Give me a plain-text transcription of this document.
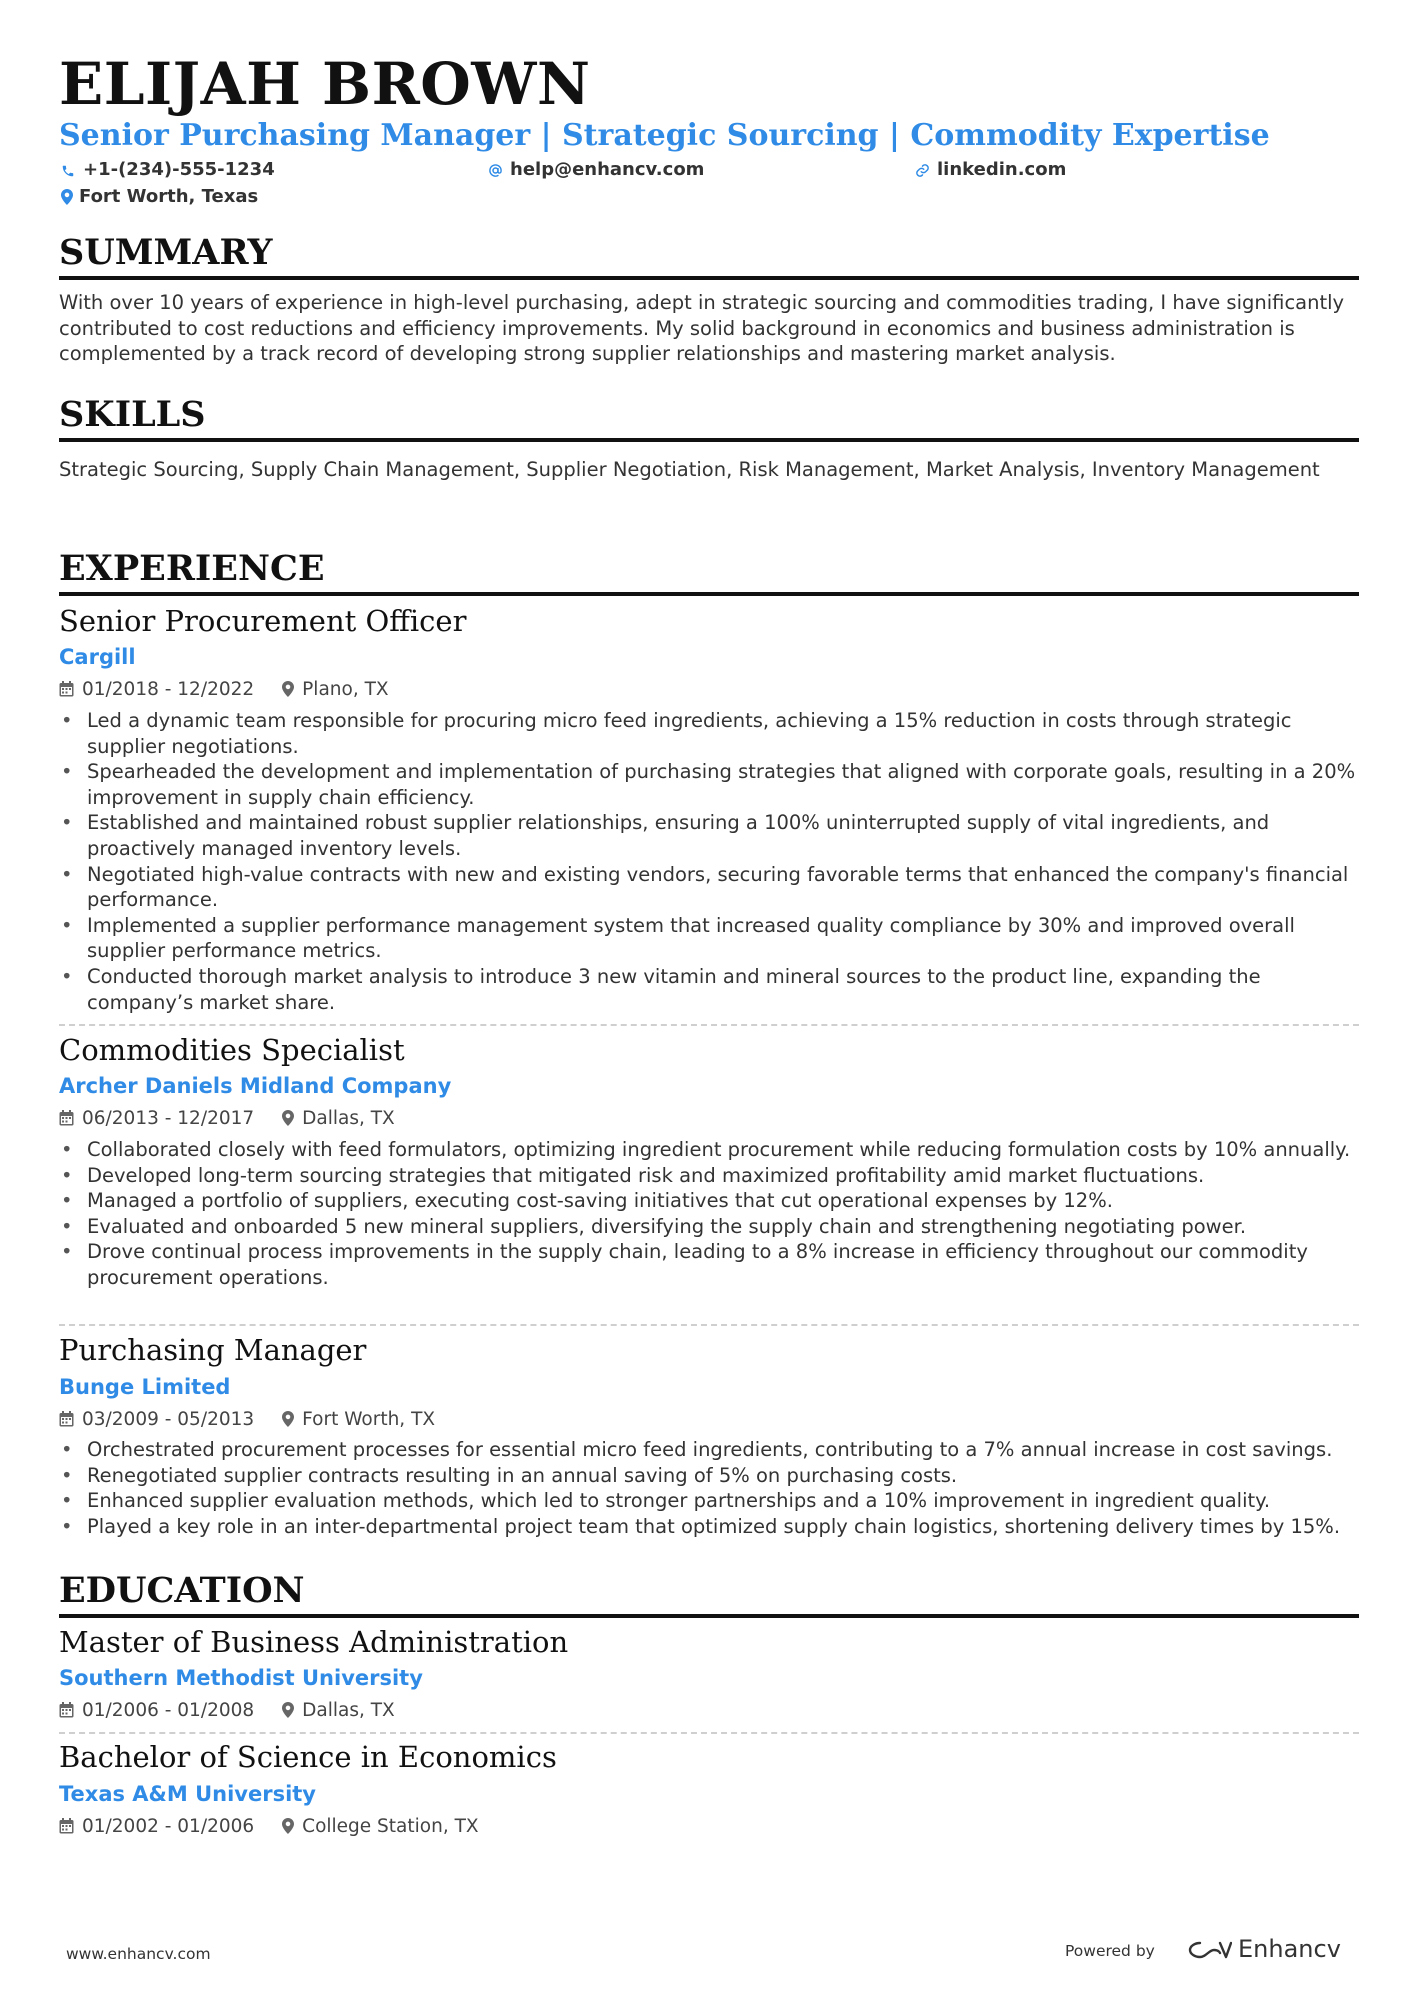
ELIJAH BROWN
Senior Purchasing Manager | Strategic Sourcing | Commodity Expertise
+1-(234)-555-1234	help@enhancv.com	linkedin.com
Fort Worth, Texas
SUMMARY
With over 10 years of experience in high-level purchasing, adept in strategic sourcing and commodities trading, I have significantly contributed to cost reductions and efficiency improvements. My solid background in economics and business administration is complemented by a track record of developing strong supplier relationships and mastering market analysis.
SKILLS
Strategic Sourcing, Supply Chain Management, Supplier Negotiation, Risk Management, Market Analysis, Inventory Management
EXPERIENCE
Senior Procurement Officer
Cargill
01/2018 - 12/2022	Plano, TX
• Led a dynamic team responsible for procuring micro feed ingredients, achieving a 15% reduction in costs through strategic supplier negotiations.
• Spearheaded the development and implementation of purchasing strategies that aligned with corporate goals, resulting in a 20% improvement in supply chain efficiency.
• Established and maintained robust supplier relationships, ensuring a 100% uninterrupted supply of vital ingredients, and proactively managed inventory levels.
• Negotiated high-value contracts with new and existing vendors, securing favorable terms that enhanced the company's financial performance.
• Implemented a supplier performance management system that increased quality compliance by 30% and improved overall supplier performance metrics.
• Conducted thorough market analysis to introduce 3 new vitamin and mineral sources to the product line, expanding the company’s market share.
Commodities Specialist
Archer Daniels Midland Company
06/2013 - 12/2017	Dallas, TX
• Collaborated closely with feed formulators, optimizing ingredient procurement while reducing formulation costs by 10% annually.
• Developed long-term sourcing strategies that mitigated risk and maximized profitability amid market fluctuations.
• Managed a portfolio of suppliers, executing cost-saving initiatives that cut operational expenses by 12%.
• Evaluated and onboarded 5 new mineral suppliers, diversifying the supply chain and strengthening negotiating power.
• Drove continual process improvements in the supply chain, leading to a 8% increase in efficiency throughout our commodity procurement operations.
Purchasing Manager
Bunge Limited
03/2009 - 05/2013	Fort Worth, TX
• Orchestrated procurement processes for essential micro feed ingredients, contributing to a 7% annual increase in cost savings.
• Renegotiated supplier contracts resulting in an annual saving of 5% on purchasing costs.
• Enhanced supplier evaluation methods, which led to stronger partnerships and a 10% improvement in ingredient quality.
• Played a key role in an inter-departmental project team that optimized supply chain logistics, shortening delivery times by 15%.
EDUCATION
Master of Business Administration
Southern Methodist University
01/2006 - 01/2008	Dallas, TX
Bachelor of Science in Economics
Texas A&M University
01/2002 - 01/2006	College Station, TX
www.enhancv.com	Powered by	Enhancv
